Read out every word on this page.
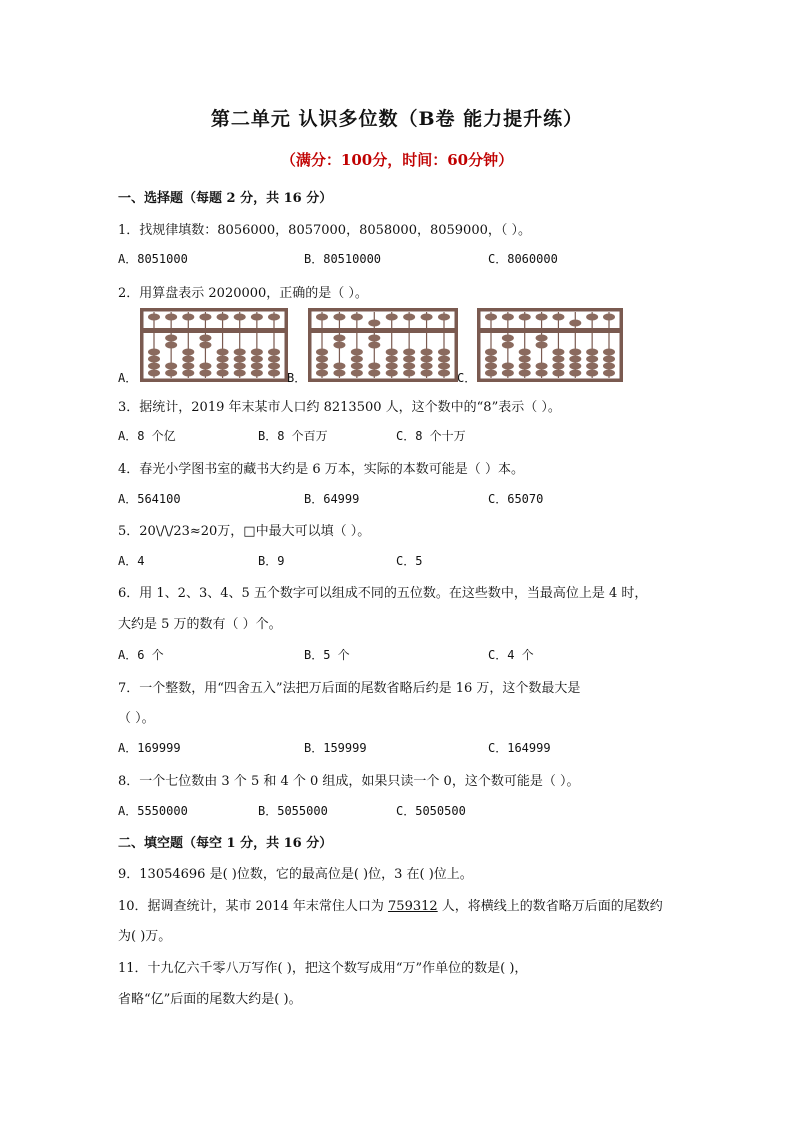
第二单元 认识多位数（B卷 能力提升练）
（满分：100分，时间：60分钟）
一、选择题（每题 2 分，共 16 分）
1．找规律填数：8056000，8057000，8058000，8059000，（ ）。
A．8051000	B．80510000	C．8060000
2．用算盘表示 2020000，正确的是（ ）。
A．	B．	C．
3．据统计，2019 年末某市人口约 8213500 人，这个数中的“8”表示（ ）。
A．8 个亿	B．8 个百万	C．8 个十万
4．春光小学图书室的藏书大约是 6 万本，实际的本数可能是（ ）本。
A．564100	B．64999	C．65070
5．20\/\/23≈20万，□中最大可以填（ ）。
A．4	B．9	C．5
6．用 1、2、3、4、5 五个数字可以组成不同的五位数。在这些数中，当最高位上是 4 时，
大约是 5 万的数有（ ）个。
A．6 个	B．5 个	C．4 个
7．一个整数，用“四舍五入”法把万后面的尾数省略后约是 16 万，这个数最大是
（ ）。
A．169999	B．159999	C．164999
8．一个七位数由 3 个 5 和 4 个 0 组成，如果只读一个 0，这个数可能是（ ）。
A．5550000	B．5055000	C．5050500
二、填空题（每空 1 分，共 16 分）
9．13054696 是( )位数，它的最高位是( )位，3 在( )位上。
10．据调查统计，某市 2014 年末常住人口为 759312 人，将横线上的数省略万后面的尾数约
为( )万。
11．十九亿六千零八万写作( )，把这个数写成用“万”作单位的数是( )，
省略“亿”后面的尾数大约是( )。
